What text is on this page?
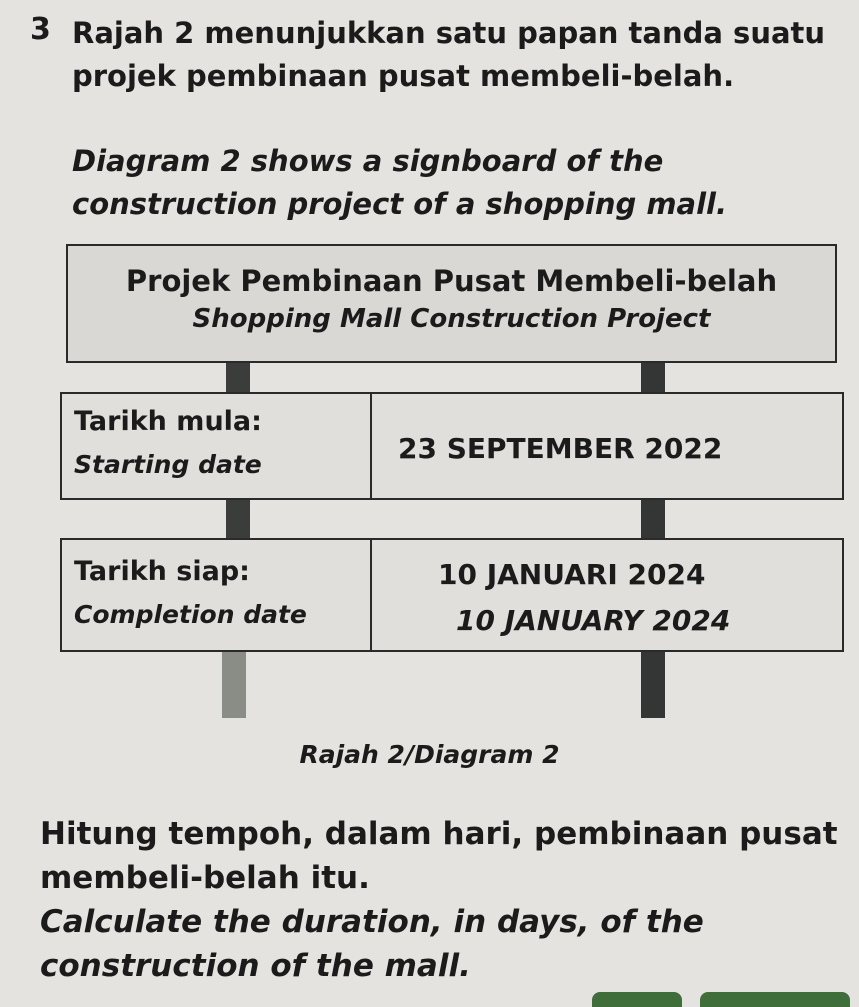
3 Rajah 2 menunjukkan satu papan tanda suatu projek pembinaan pusat membeli-belah.
Diagram 2 shows a signboard of the construction project of a shopping mall.
Projek Pembinaan Pusat Membeli-belah
Shopping Mall Construction Project
Tarikh mula:
Starting date	23 SEPTEMBER 2022
Tarikh siap:
Completion date
10 JANUARI 2024
10 JANUARY 2024
Rajah 2/Diagram 2
Hitung tempoh, dalam hari, pembinaan pusat membeli-belah itu.
Calculate the duration, in days, of the construction of the mall.
